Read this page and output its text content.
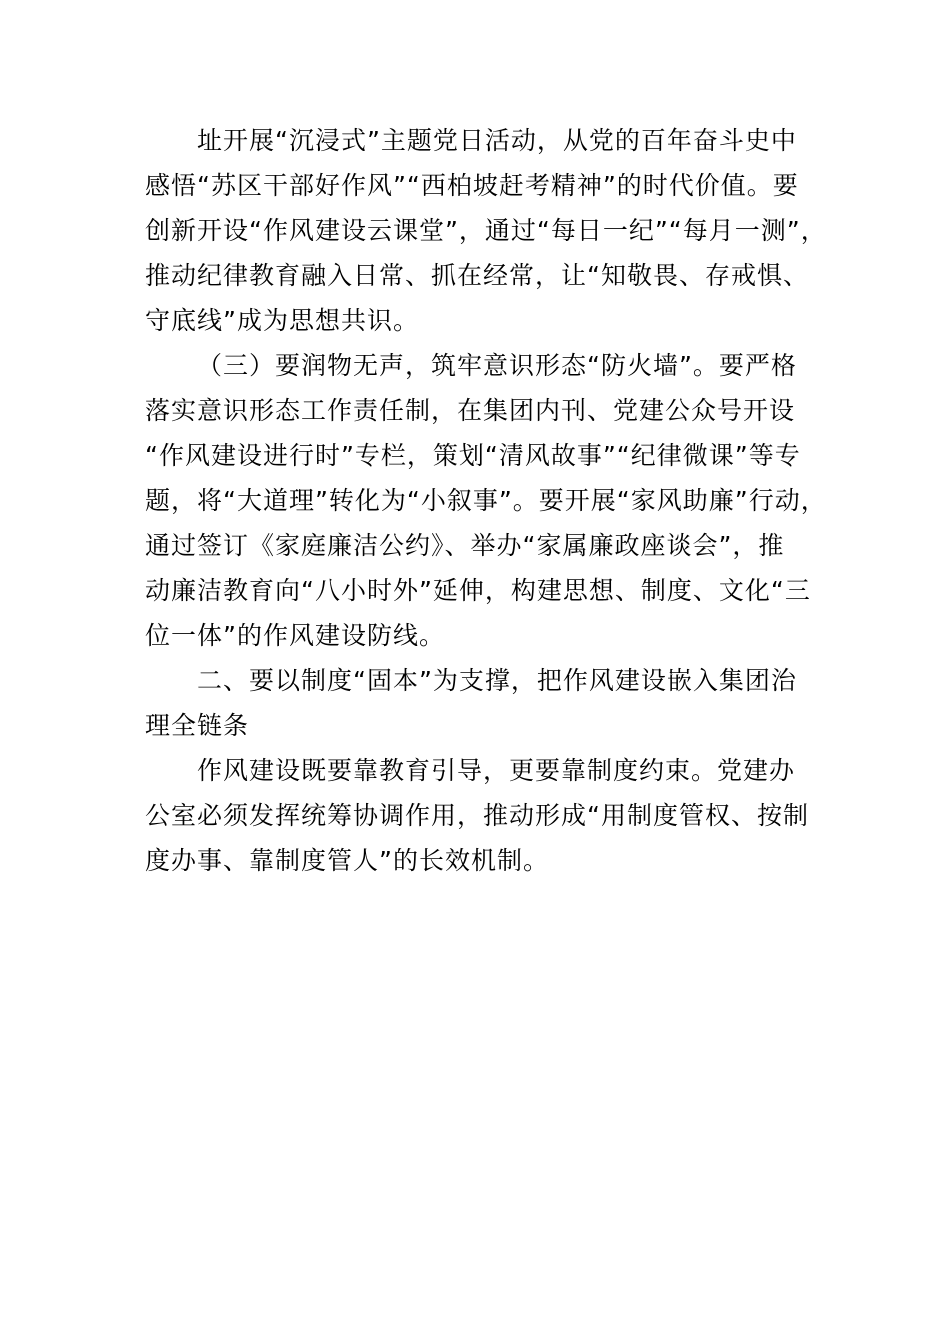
　　址开展“沉浸式”主题党日活动，从党的百年奋斗史中
感悟“苏区干部好作风”“西柏坡赶考精神”的时代价值。要
创新开设“作风建设云课堂”，通过“每日一纪”“每月一测”，
推动纪律教育融入日常、抓在经常，让“知敬畏、存戒惧、
守底线”成为思想共识。

（三）要润物无声，筑牢意识形态“防火墙”。要严格
落实意识形态工作责任制，在集团内刊、党建公众号开设
“作风建设进行时”专栏，策划“清风故事”“纪律微课”等专
题，将“大道理”转化为“小叙事”。要开展“家风助廉”行动，
通过签订《家庭廉洁公约》、举办“家属廉政座谈会”，推
动廉洁教育向“八小时外”延伸，构建思想、制度、文化“三
位一体”的作风建设防线。

二、要以制度“固本”为支撑，把作风建设嵌入集团治
理全链条

作风建设既要靠教育引导，更要靠制度约束。党建办
公室必须发挥统筹协调作用，推动形成“用制度管权、按制
度办事、靠制度管人”的长效机制。
